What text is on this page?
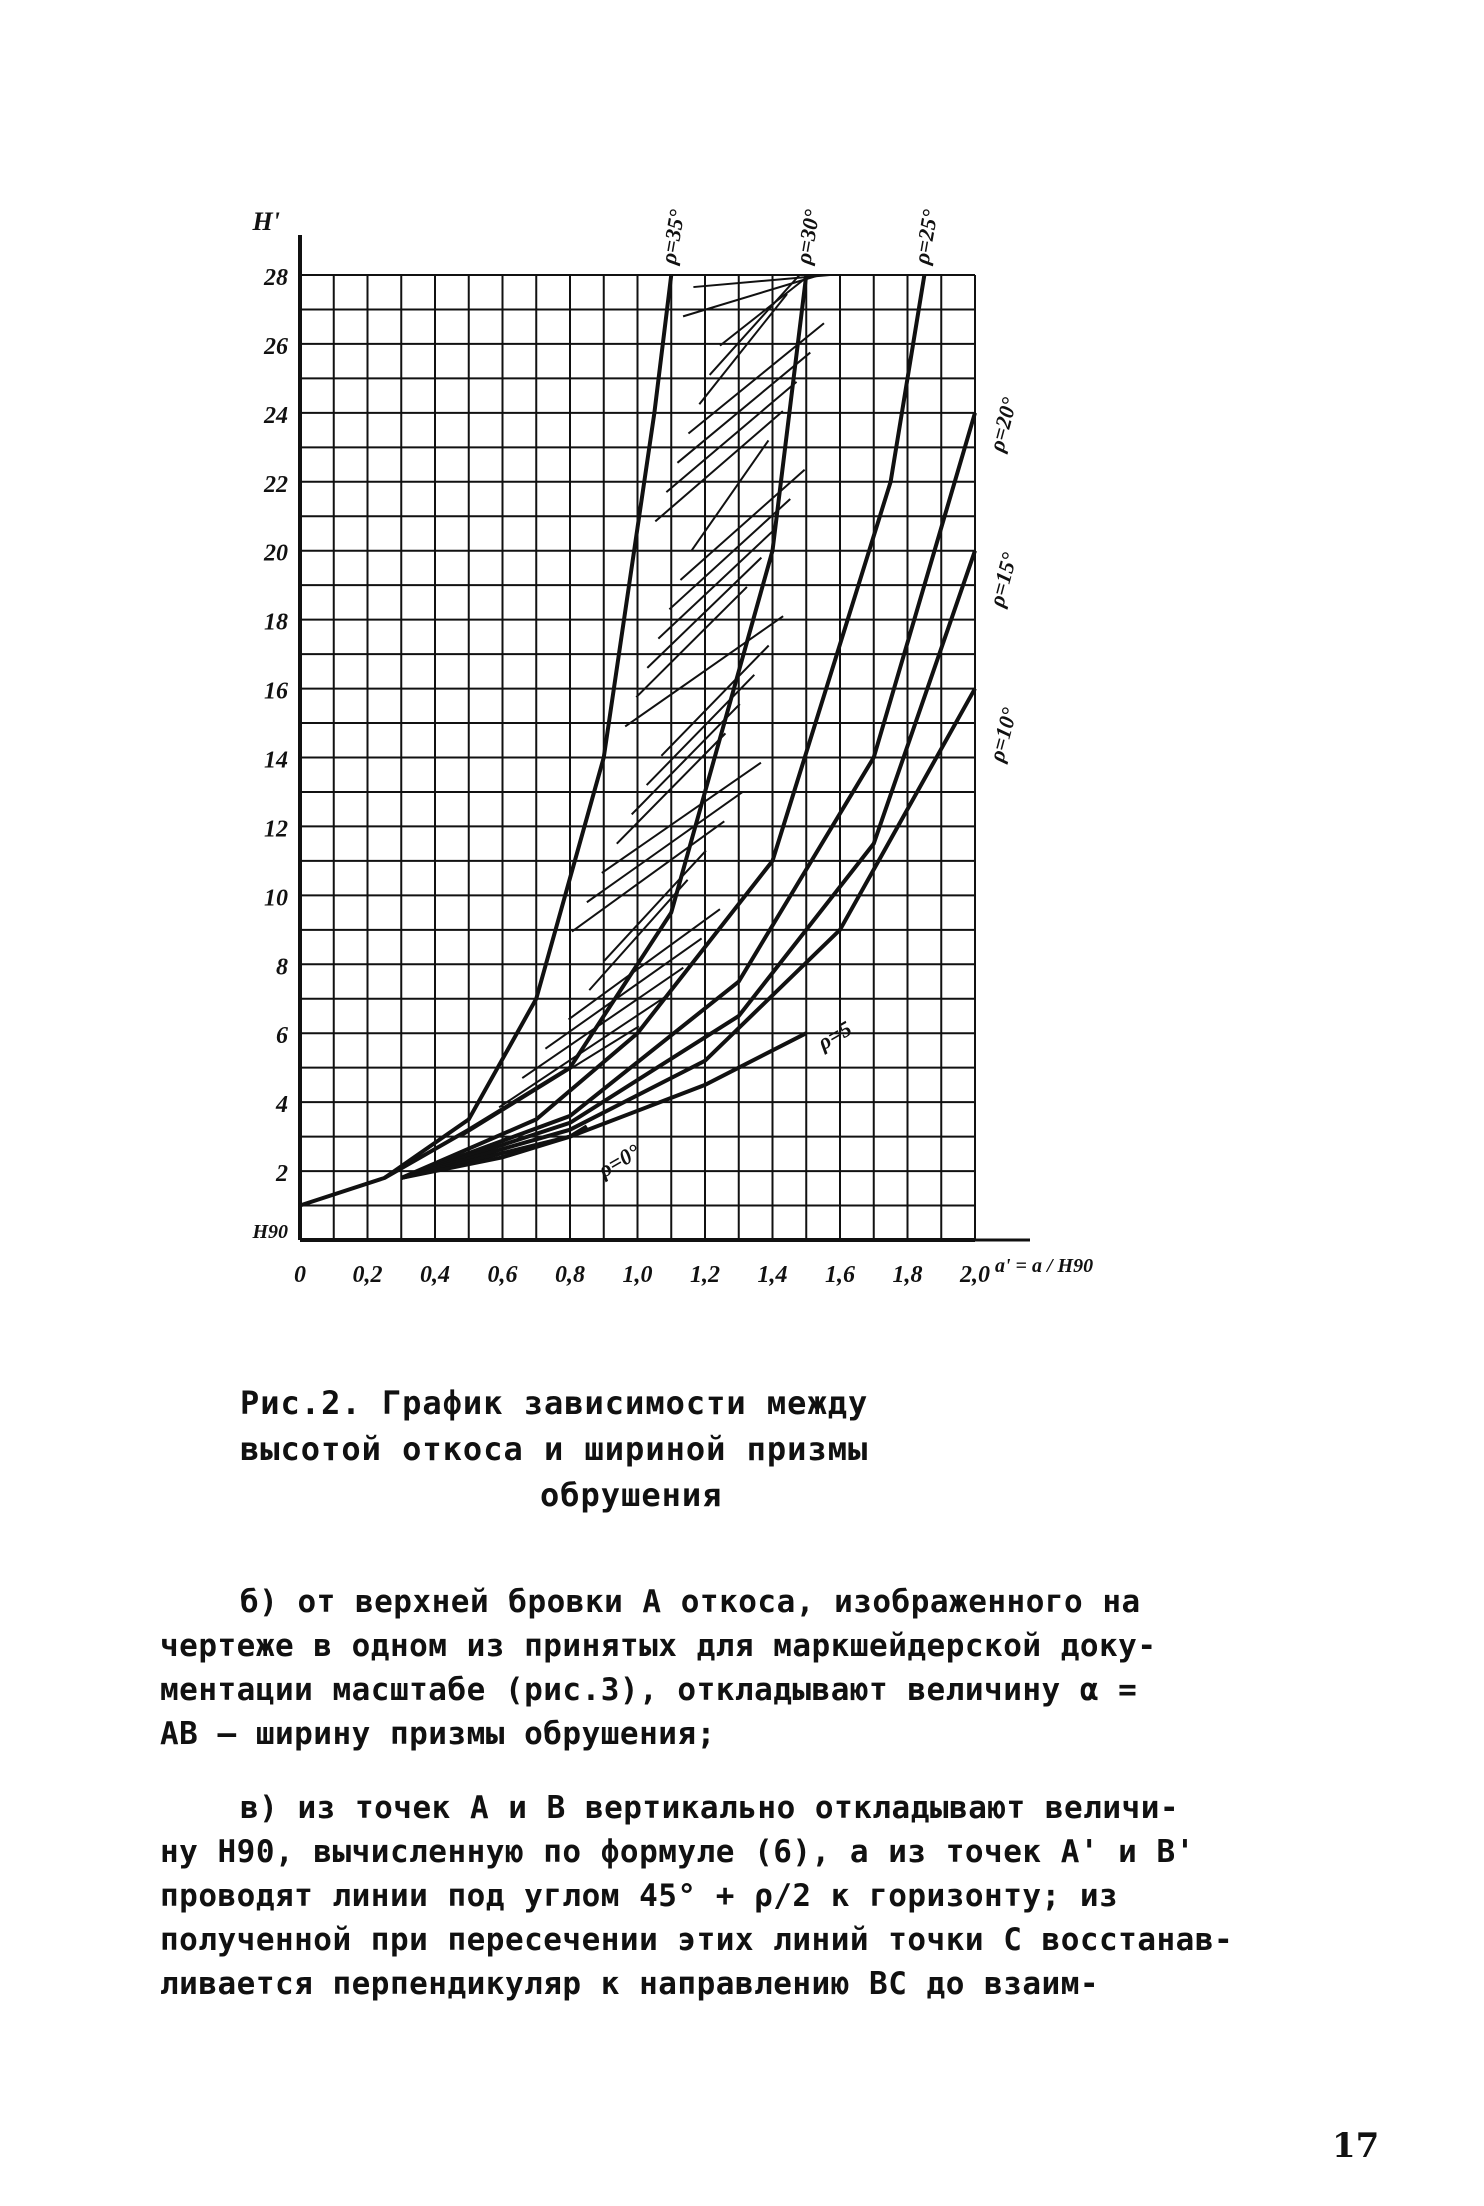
2
4
6
8
10
12
14
16
18
20
22
24
26
28
0 0,2 0,4 0,6 0,8 1,0 1,2 1,4 1,6 1,8 2,0
H'
a' = a / H90
H90
ρ=35°	ρ=30°	ρ=25°
ρ=20°
ρ=15°
ρ=10°
ρ=5
ρ=0°
Рис.2. График зависимости между
высотой откоса и шириной призмы
обрушения

б) от верхней бровки А откоса, изображенного на
чертеже в одном из принятых для маркшейдерской доку-
ментации масштабе (рис.3), откладывают величину α =
АВ – ширину призмы обрушения;

в) из точек А и В вертикально откладывают величи-
ну H90, вычисленную по формуле (6), а из точек А' и В'
проводят линии под углом 45° + ρ/2 к горизонту; из
полученной при пересечении этих линий точки С восстанав-
ливается перпендикуляр к направлению ВС до взаим-

17
